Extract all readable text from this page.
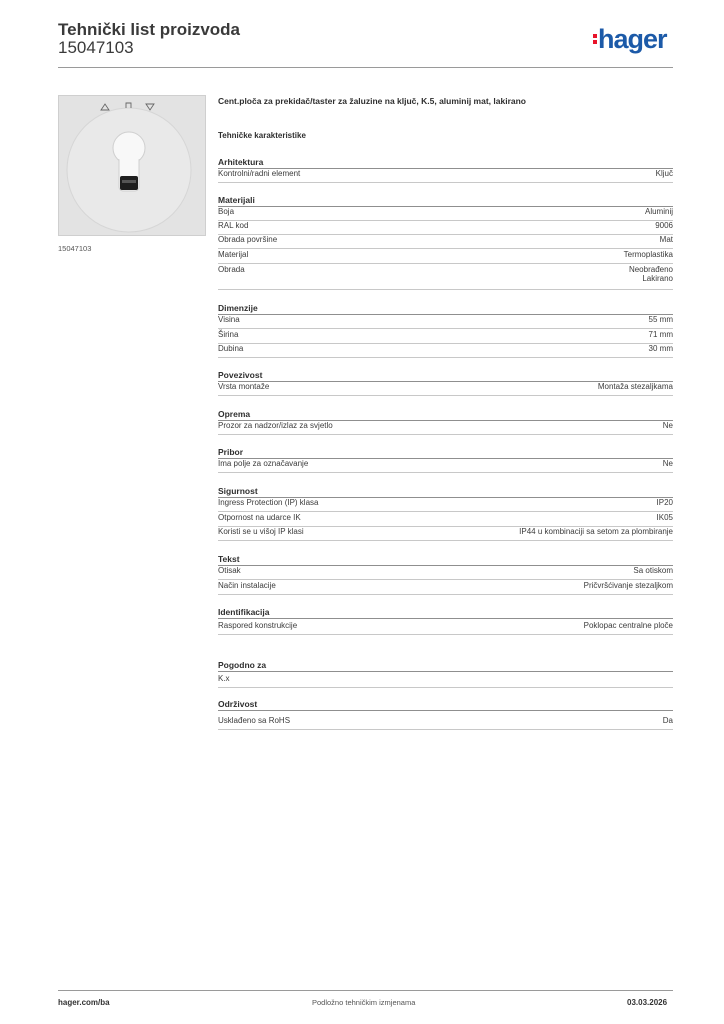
Tehnički list proizvoda
15047103	hager
15047103
Cent.ploča za prekidač/taster za žaluzine na ključ, K.5, aluminij mat, lakirano
Tehničke karakteristike
Arhitektura
Kontrolni/radni element	Ključ
Materijali
Boja	Aluminij
RAL kod	9006
Obrada površine	Mat
Materijal	Termoplastika
Obrada	Neobrađeno
Lakirano
Dimenzije
Visina	55 mm
Širina	71 mm
Dubina	30 mm
Povezivost
Vrsta montaže	Montaža stezaljkama
Oprema
Prozor za nadzor/izlaz za svjetlo	Ne
Pribor
Ima polje za označavanje	Ne
Sigurnost
Ingress Protection (IP) klasa	IP20
Otpornost na udarce IK	IK05
Koristi se u višoj IP klasi	IP44 u kombinaciji sa setom za plombiranje
Tekst
Otisak	Sa otiskom
Način instalacije	Pričvršćivanje stezaljkom
Identifikacija
Raspored konstrukcije	Poklopac centralne ploče
Pogodno za
K.x
Održivost
Usklađeno sa RoHS	Da
hager.com/ba	Podložno tehničkim izmjenama	03.03.2026
